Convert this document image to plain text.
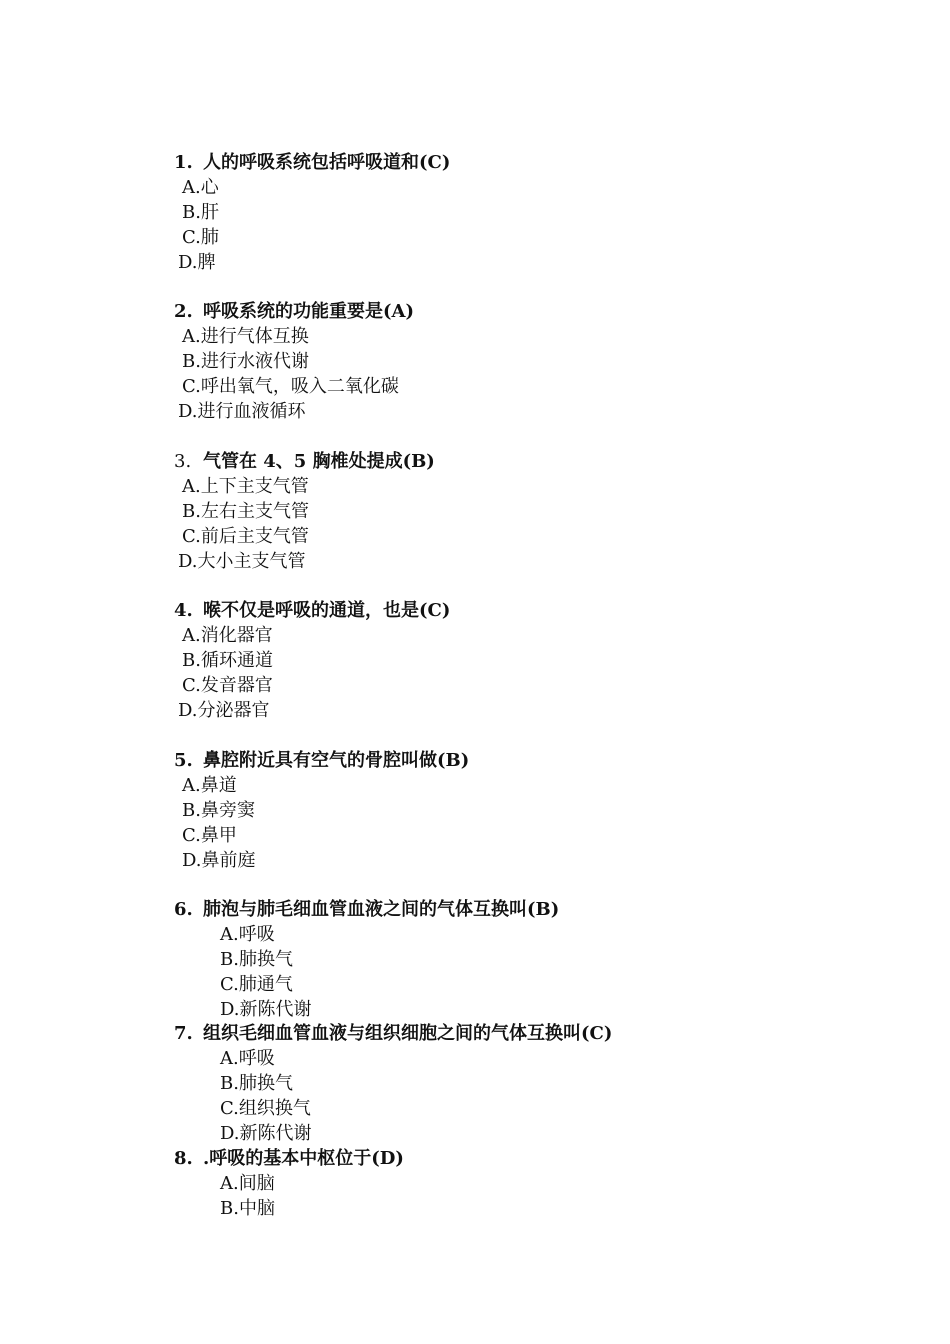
1. 人的呼吸系统包括呼吸道和(C)
A.心
B.肝
C.肺
D.脾
2. 呼吸系统的功能重要是(A)
A.进行气体互换
B.进行水液代谢
C.呼出氧气，吸入二氧化碳
D.进行血液循环
3. 气管在 4、5 胸椎处提成(B)
A.上下主支气管
B.左右主支气管
C.前后主支气管
D.大小主支气管
4. 喉不仅是呼吸的通道，也是(C)
A.消化器官
B.循环通道
C.发音器官
D.分泌器官
5. 鼻腔附近具有空气的骨腔叫做(B)
A.鼻道
B.鼻旁窦
C.鼻甲
D.鼻前庭
6. 肺泡与肺毛细血管血液之间的气体互换叫(B)
A.呼吸
B.肺换气
C.肺通气
D.新陈代谢
7. 组织毛细血管血液与组织细胞之间的气体互换叫(C)
A.呼吸
B.肺换气
C.组织换气
D.新陈代谢
8. .呼吸的基本中枢位于(D)
A.间脑
B.中脑
